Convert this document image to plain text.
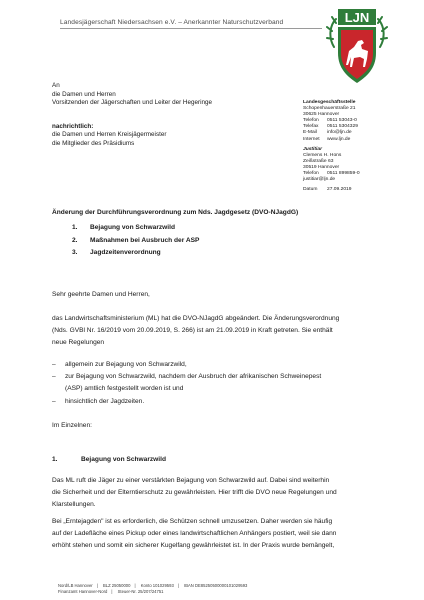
Landesjägerschaft Niedersachsen e.V. – Anerkannter Naturschutzverband	LJN
An
die Damen und Herren
Vorsitzenden der Jägerschaften und Leiter der Hegeringe
nachrichtlich:
die Damen und Herren Kreisjägermeister
die Mitglieder des Präsidiums
Landesgeschäftsstelle
Schopenhauerstraße 21
30625 Hannover
Telefon	0511 53043-0
Telefax	0511 5304329
E-Mail	info@ljn.de
Internet	www.ljn.de
Justitiar
Clemens H. Hons
Zeißstraße 63
30519 Hannover
Telefon	0511 899859-0
justitiar@ljn.de
Datum	27.09.2019
Änderung der Durchführungsverordnung zum Nds. Jagdgesetz (DVO-NJagdG)
1. Bejagung von Schwarzwild
2. Maßnahmen bei Ausbruch der ASP
3. Jagdzeitenverordnung
Sehr geehrte Damen und Herren,
das Landwirtschaftsministerium (ML) hat die DVO-NJagdG abgeändert. Die Änderungsverordnung
(Nds. GVBl Nr. 16/2019 vom 20.09.2019, S. 266) ist am 21.09.2019 in Kraft getreten. Sie enthält
neue Regelungen
–	allgemein zur Bejagung von Schwarzwild,
–	zur Bejagung von Schwarzwild, nachdem der Ausbruch der afrikanischen Schweinepest
(ASP) amtlich festgestellt worden ist und
–	hinsichtlich der Jagdzeiten.
Im Einzelnen:
1.	Bejagung von Schwarzwild
Das ML ruft die Jäger zu einer verstärkten Bejagung von Schwarzwild auf. Dabei sind weiterhin
die Sicherheit und der Elterntierschutz zu gewährleisten. Hier trifft die DVO neue Regelungen und
Klarstellungen.
Bei „Erntejagden" ist es erforderlich, die Schützen schnell umzusetzen. Daher werden sie häufig
auf der Ladefläche eines Pickup oder eines landwirtschaftlichen Anhängers postiert, weil sie dann
erhöht stehen und somit ein sicherer Kugelfang gewährleistet ist. In der Praxis wurde bemängelt,
Nord/LB Hannover | BLZ 25050000 | Konto 101029593 | IBAN DE85250500000101029593
Finanzamt Hannover-Nord | Steuer-Nr. 25/207/24751
